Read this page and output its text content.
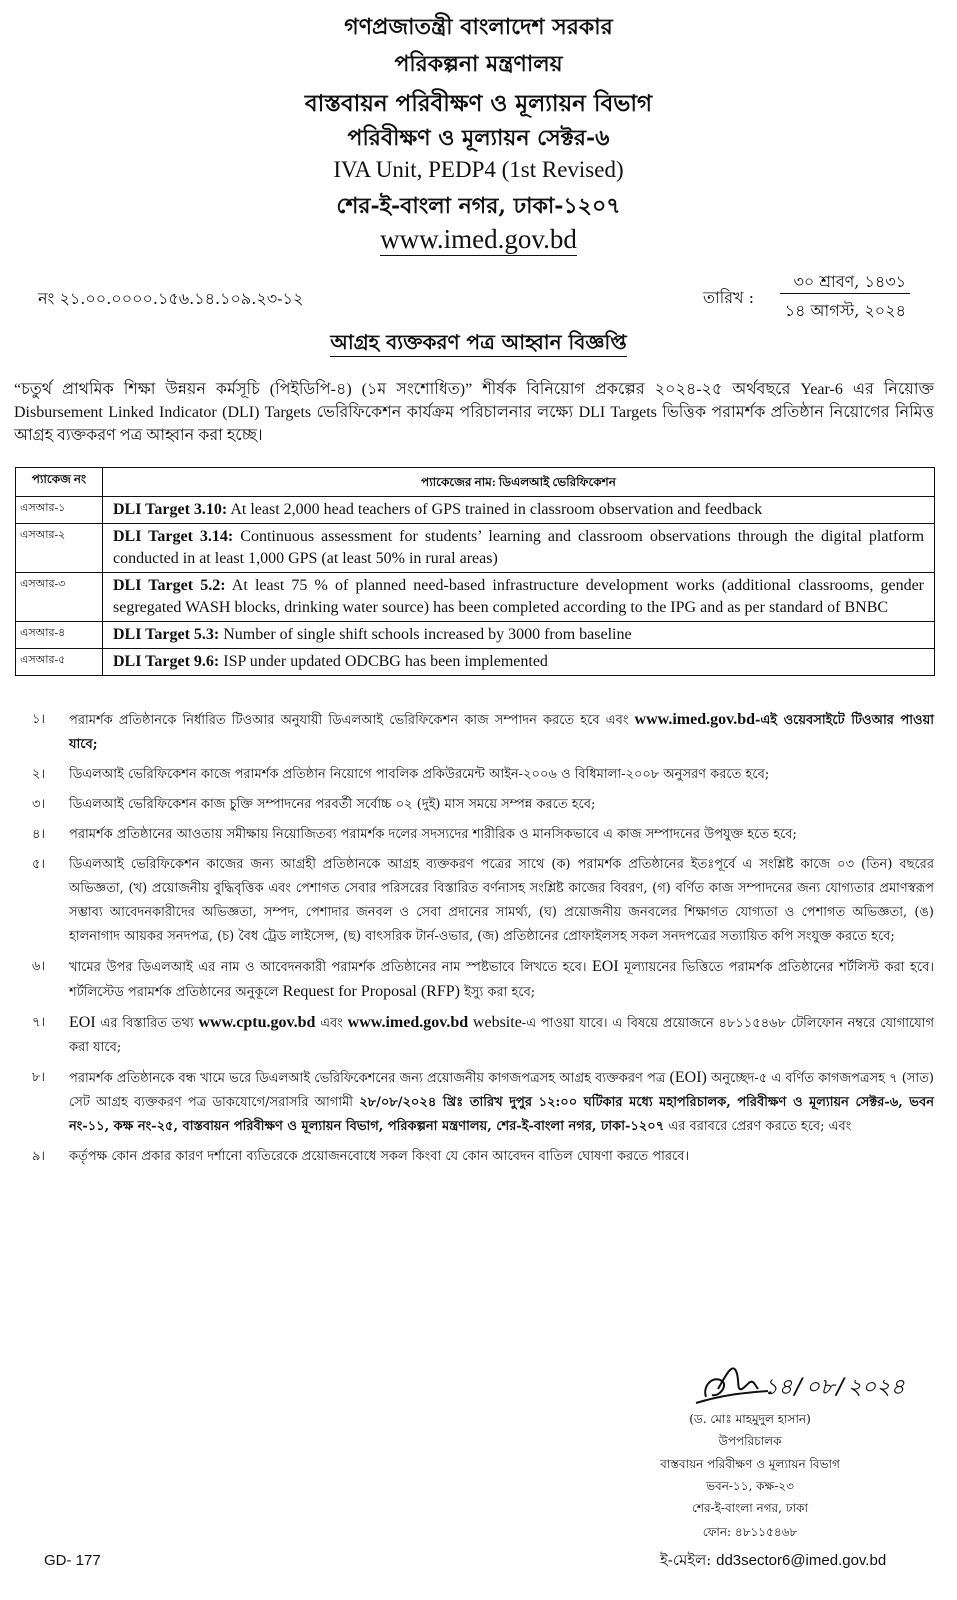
গণপ্রজাতন্ত্রী বাংলাদেশ সরকার
পরিকল্পনা মন্ত্রণালয়
বাস্তবায়ন পরিবীক্ষণ ও মূল্যায়ন বিভাগ
পরিবীক্ষণ ও মূল্যায়ন সেক্টর-৬
IVA Unit, PEDP4 (1st Revised)
শের-ই-বাংলা নগর, ঢাকা-১২০৭
www.imed.gov.bd
নং ২১.০০.০০০০.১৫৬.১৪.১০৯.২৩-১২	তারিখ :
৩০ শ্রাবণ, ১৪৩১
১৪ আগস্ট, ২০২৪
আগ্রহ ব্যক্তকরণ পত্র আহ্বান বিজ্ঞপ্তি
“চতুর্থ প্রাথমিক শিক্ষা উন্নয়ন কর্মসূচি (পিইডিপি-৪) (১ম সংশোধিত)” শীর্ষক বিনিয়োগ প্রকল্পের ২০২৪-২৫ অর্থবছরে Year-6 এর নিয়োক্ত Disbursement Linked Indicator (DLI) Targets ভেরিফিকেশন কার্যক্রম পরিচালনার লক্ষ্যে DLI Targets ভিত্তিক পরামর্শক প্রতিষ্ঠান নিয়োগের নিমিত্ত আগ্রহ ব্যক্তকরণ পত্র আহ্বান করা হচ্ছে।
প্যাকেজ নং	প্যাকেজের নাম: ডিএলআই ভেরিফিকেশন
এসআর-১	DLI Target 3.10: At least 2,000 head teachers of GPS trained in classroom observation and feedback
এসআর-২	DLI Target 3.14: Continuous assessment for students’ learning and classroom observations through the digital platform conducted in at least 1,000 GPS (at least 50% in rural areas)
এসআর-৩	DLI Target 5.2: At least 75 % of planned need-based infrastructure development works (additional classrooms, gender segregated WASH blocks, drinking water source) has been completed according to the IPG and as per standard of BNBC
এসআর-৪	DLI Target 5.3: Number of single shift schools increased by 3000 from baseline
এসআর-৫	DLI Target 9.6: ISP under updated ODCBG has been implemented
১। পরামর্শক প্রতিষ্ঠানকে নির্ধারিত টিওআর অনুযায়ী ডিএলআই ভেরিফিকেশন কাজ সম্পাদন করতে হবে এবং www.imed.gov.bd-এই ওয়েবসাইটে টিওআর পাওয়া যাবে;
২। ডিএলআই ভেরিফিকেশন কাজে পরামর্শক প্রতিষ্ঠান নিয়োগে পাবলিক প্রকিউরমেন্ট আইন-২০০৬ ও বিধিমালা-২০০৮ অনুসরণ করতে হবে;
৩। ডিএলআই ভেরিফিকেশন কাজ চুক্তি সম্পাদনের পরবর্তী সর্বোচ্চ ০২ (দুই) মাস সময়ে সম্পন্ন করতে হবে;
৪। পরামর্শক প্রতিষ্ঠানের আওতায় সমীক্ষায় নিয়োজিতব্য পরামর্শক দলের সদস্যদের শারীরিক ও মানসিকভাবে এ কাজ সম্পাদনের উপযুক্ত হতে হবে;
৫। ডিএলআই ভেরিফিকেশন কাজের জন্য আগ্রহী প্রতিষ্ঠানকে আগ্রহ ব্যক্তকরণ পত্রের সাথে (ক) পরামর্শক প্রতিষ্ঠানের ইতঃপূর্বে এ সংশ্লিষ্ট কাজে ০৩ (তিন) বছরের অভিজ্ঞতা, (খ) প্রয়োজনীয় বুদ্ধিবৃত্তিক এবং পেশাগত সেবার পরিসরের বিস্তারিত বর্ণনাসহ সংশ্লিষ্ট কাজের বিবরণ, (গ) বর্ণিত কাজ সম্পাদনের জন্য যোগ্যতার প্রমাণস্বরূপ সম্ভাব্য আবেদনকারীদের অভিজ্ঞতা, সম্পদ, পেশাদার জনবল ও সেবা প্রদানের সামর্থ্য, (ঘ) প্রয়োজনীয় জনবলের শিক্ষাগত যোগ্যতা ও পেশাগত অভিজ্ঞতা, (ঙ) হালনাগাদ আয়কর সনদপত্র, (চ) বৈধ ট্রেড লাইসেন্স, (ছ) বাৎসরিক টার্ন-ওভার, (জ) প্রতিষ্ঠানের প্রোফাইলসহ সকল সনদপত্রের সত্যায়িত কপি সংযুক্ত করতে হবে;
৬। খামের উপর ডিএলআই এর নাম ও আবেদনকারী পরামর্শক প্রতিষ্ঠানের নাম স্পষ্টভাবে লিখতে হবে। EOI মূল্যায়নের ভিত্তিতে পরামর্শক প্রতিষ্ঠানের শর্টলিস্ট করা হবে। শর্টলিস্টেড পরামর্শক প্রতিষ্ঠানের অনুকূলে Request for Proposal (RFP) ইস্যু করা হবে;
৭। EOI এর বিস্তারিত তথ্য www.cptu.gov.bd এবং www.imed.gov.bd website-এ পাওয়া যাবে। এ বিষয়ে প্রয়োজনে ৪৮১১৫৪৬৮ টেলিফোন নম্বরে যোগাযোগ করা যাবে;
৮। পরামর্শক প্রতিষ্ঠানকে বন্ধ খামে ভরে ডিএলআই ভেরিফিকেশনের জন্য প্রয়োজনীয় কাগজপত্রসহ আগ্রহ ব্যক্তকরণ পত্র (EOI) অনুচ্ছেদ-৫ এ বর্ণিত কাগজপত্রসহ ৭ (সাত) সেট আগ্রহ ব্যক্তকরণ পত্র ডাকযোগে/সরাসরি আগামী ২৮/০৮/২০২৪ খ্রিঃ তারিখ দুপুর ১২:০০ ঘটিকার মধ্যে মহাপরিচালক, পরিবীক্ষণ ও মূল্যায়ন সেক্টর-৬, ভবন নং-১১, কক্ষ নং-২৫, বাস্তবায়ন পরিবীক্ষণ ও মূল্যায়ন বিভাগ, পরিকল্পনা মন্ত্রণালয়, শের-ই-বাংলা নগর, ঢাকা-১২০৭ এর বরাবরে প্রেরণ করতে হবে; এবং
৯। কর্তৃপক্ষ কোন প্রকার কারণ দর্শানো ব্যতিরেকে প্রয়োজনবোধে সকল কিংবা যে কোন আবেদন বাতিল ঘোষণা করতে পারবে।
১৪/০৮/২০২৪
(ড. মোঃ মাহমুদুল হাসান)
উপপরিচালক
বাস্তবায়ন পরিবীক্ষণ ও মূল্যায়ন বিভাগ
ভবন-১১, কক্ষ-২৩
শের-ই-বাংলা নগর, ঢাকা
ফোন: ৪৮১১৫৪৬৮
ই-মেইল: dd3sector6@imed.gov.bd
GD- 177
